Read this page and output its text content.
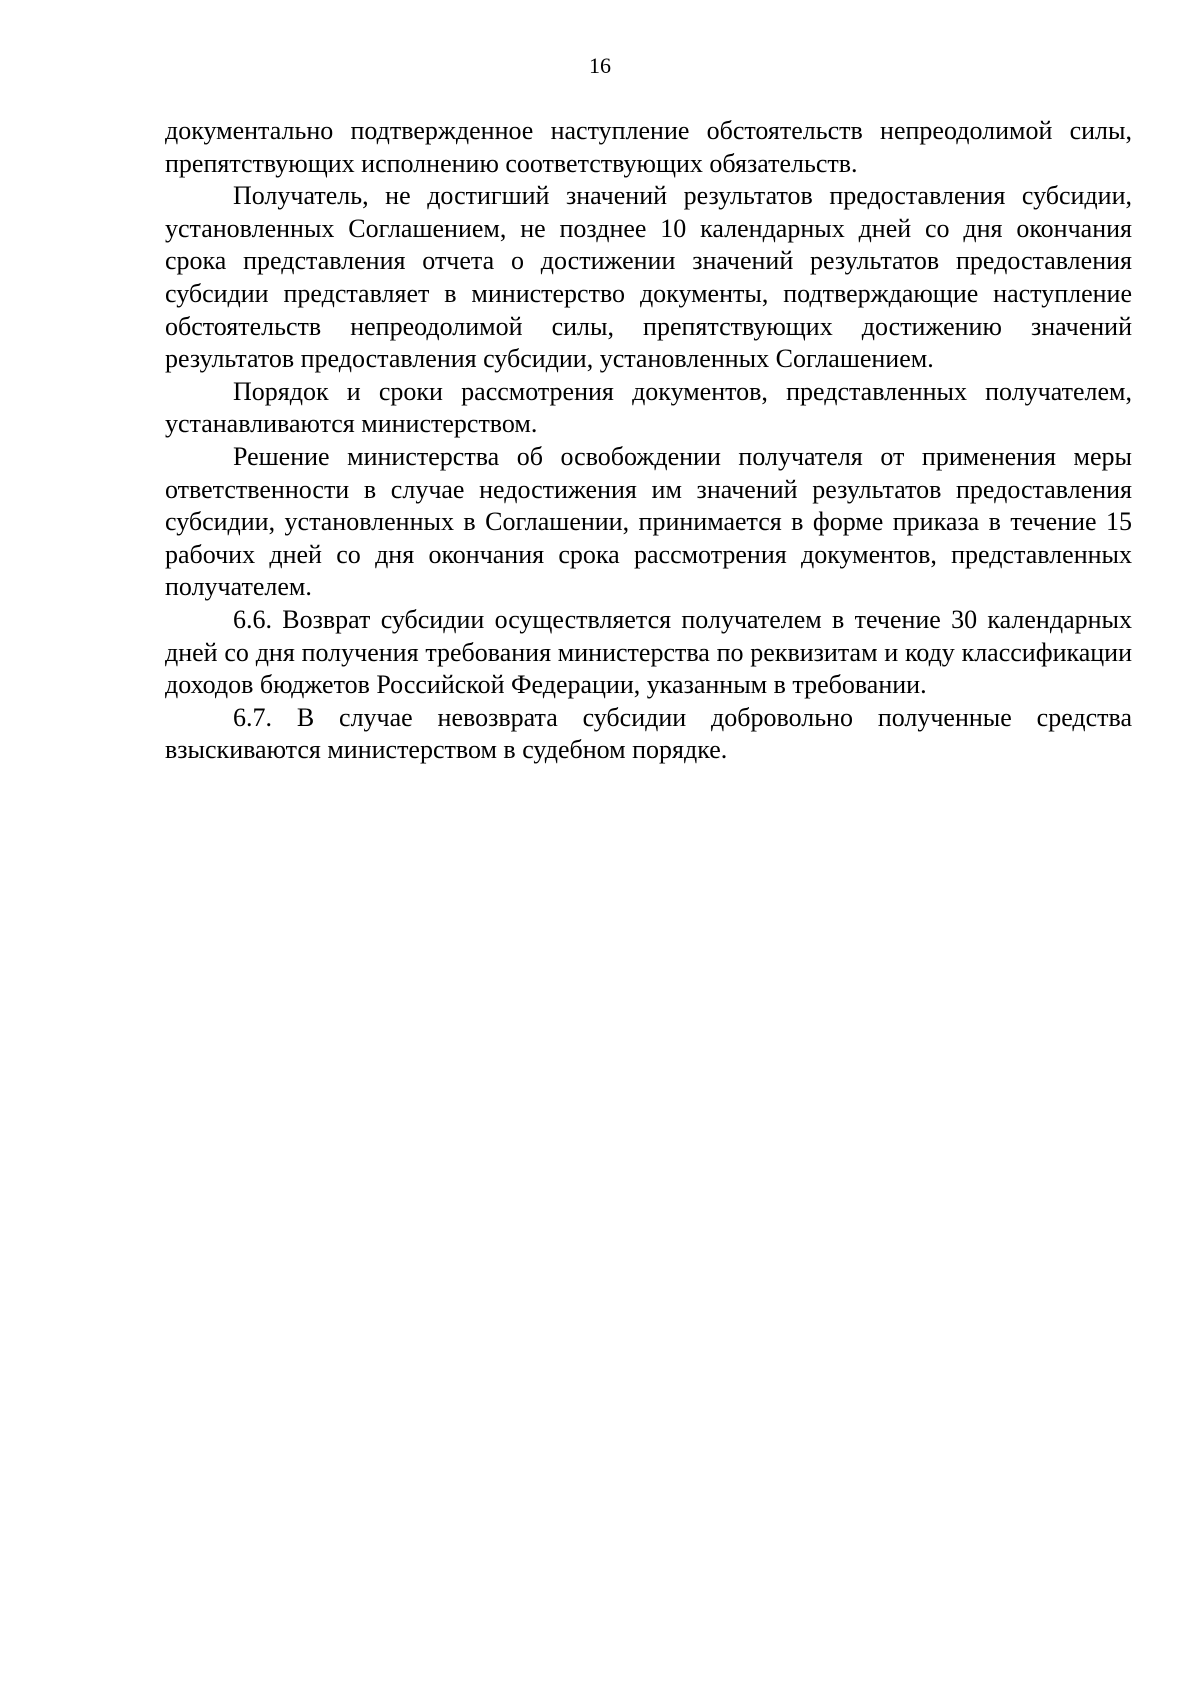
16

документально подтвержденное наступление обстоятельств непреодолимой силы, препятствующих исполнению соответствующих обязательств.

Получатель, не достигший значений результатов предоставления субсидии, установленных Соглашением, не позднее 10 календарных дней со дня окончания срока представления отчета о достижении значений результатов предоставления субсидии представляет в министерство документы, подтверждающие наступление обстоятельств непреодолимой силы, препятствующих достижению значений результатов предоставления субсидии, установленных Соглашением.

Порядок и сроки рассмотрения документов, представленных получателем, устанавливаются министерством.

Решение министерства об освобождении получателя от применения меры ответственности в случае недостижения им значений результатов предоставления субсидии, установленных в Соглашении, принимается в форме приказа в течение 15 рабочих дней со дня окончания срока рассмотрения документов, представленных получателем.

6.6. Возврат субсидии осуществляется получателем в течение 30 календарных дней со дня получения требования министерства по реквизитам и коду классификации доходов бюджетов Российской Федерации, указанным в требовании.

6.7. В случае невозврата субсидии добровольно полученные средства взыскиваются министерством в судебном порядке.
